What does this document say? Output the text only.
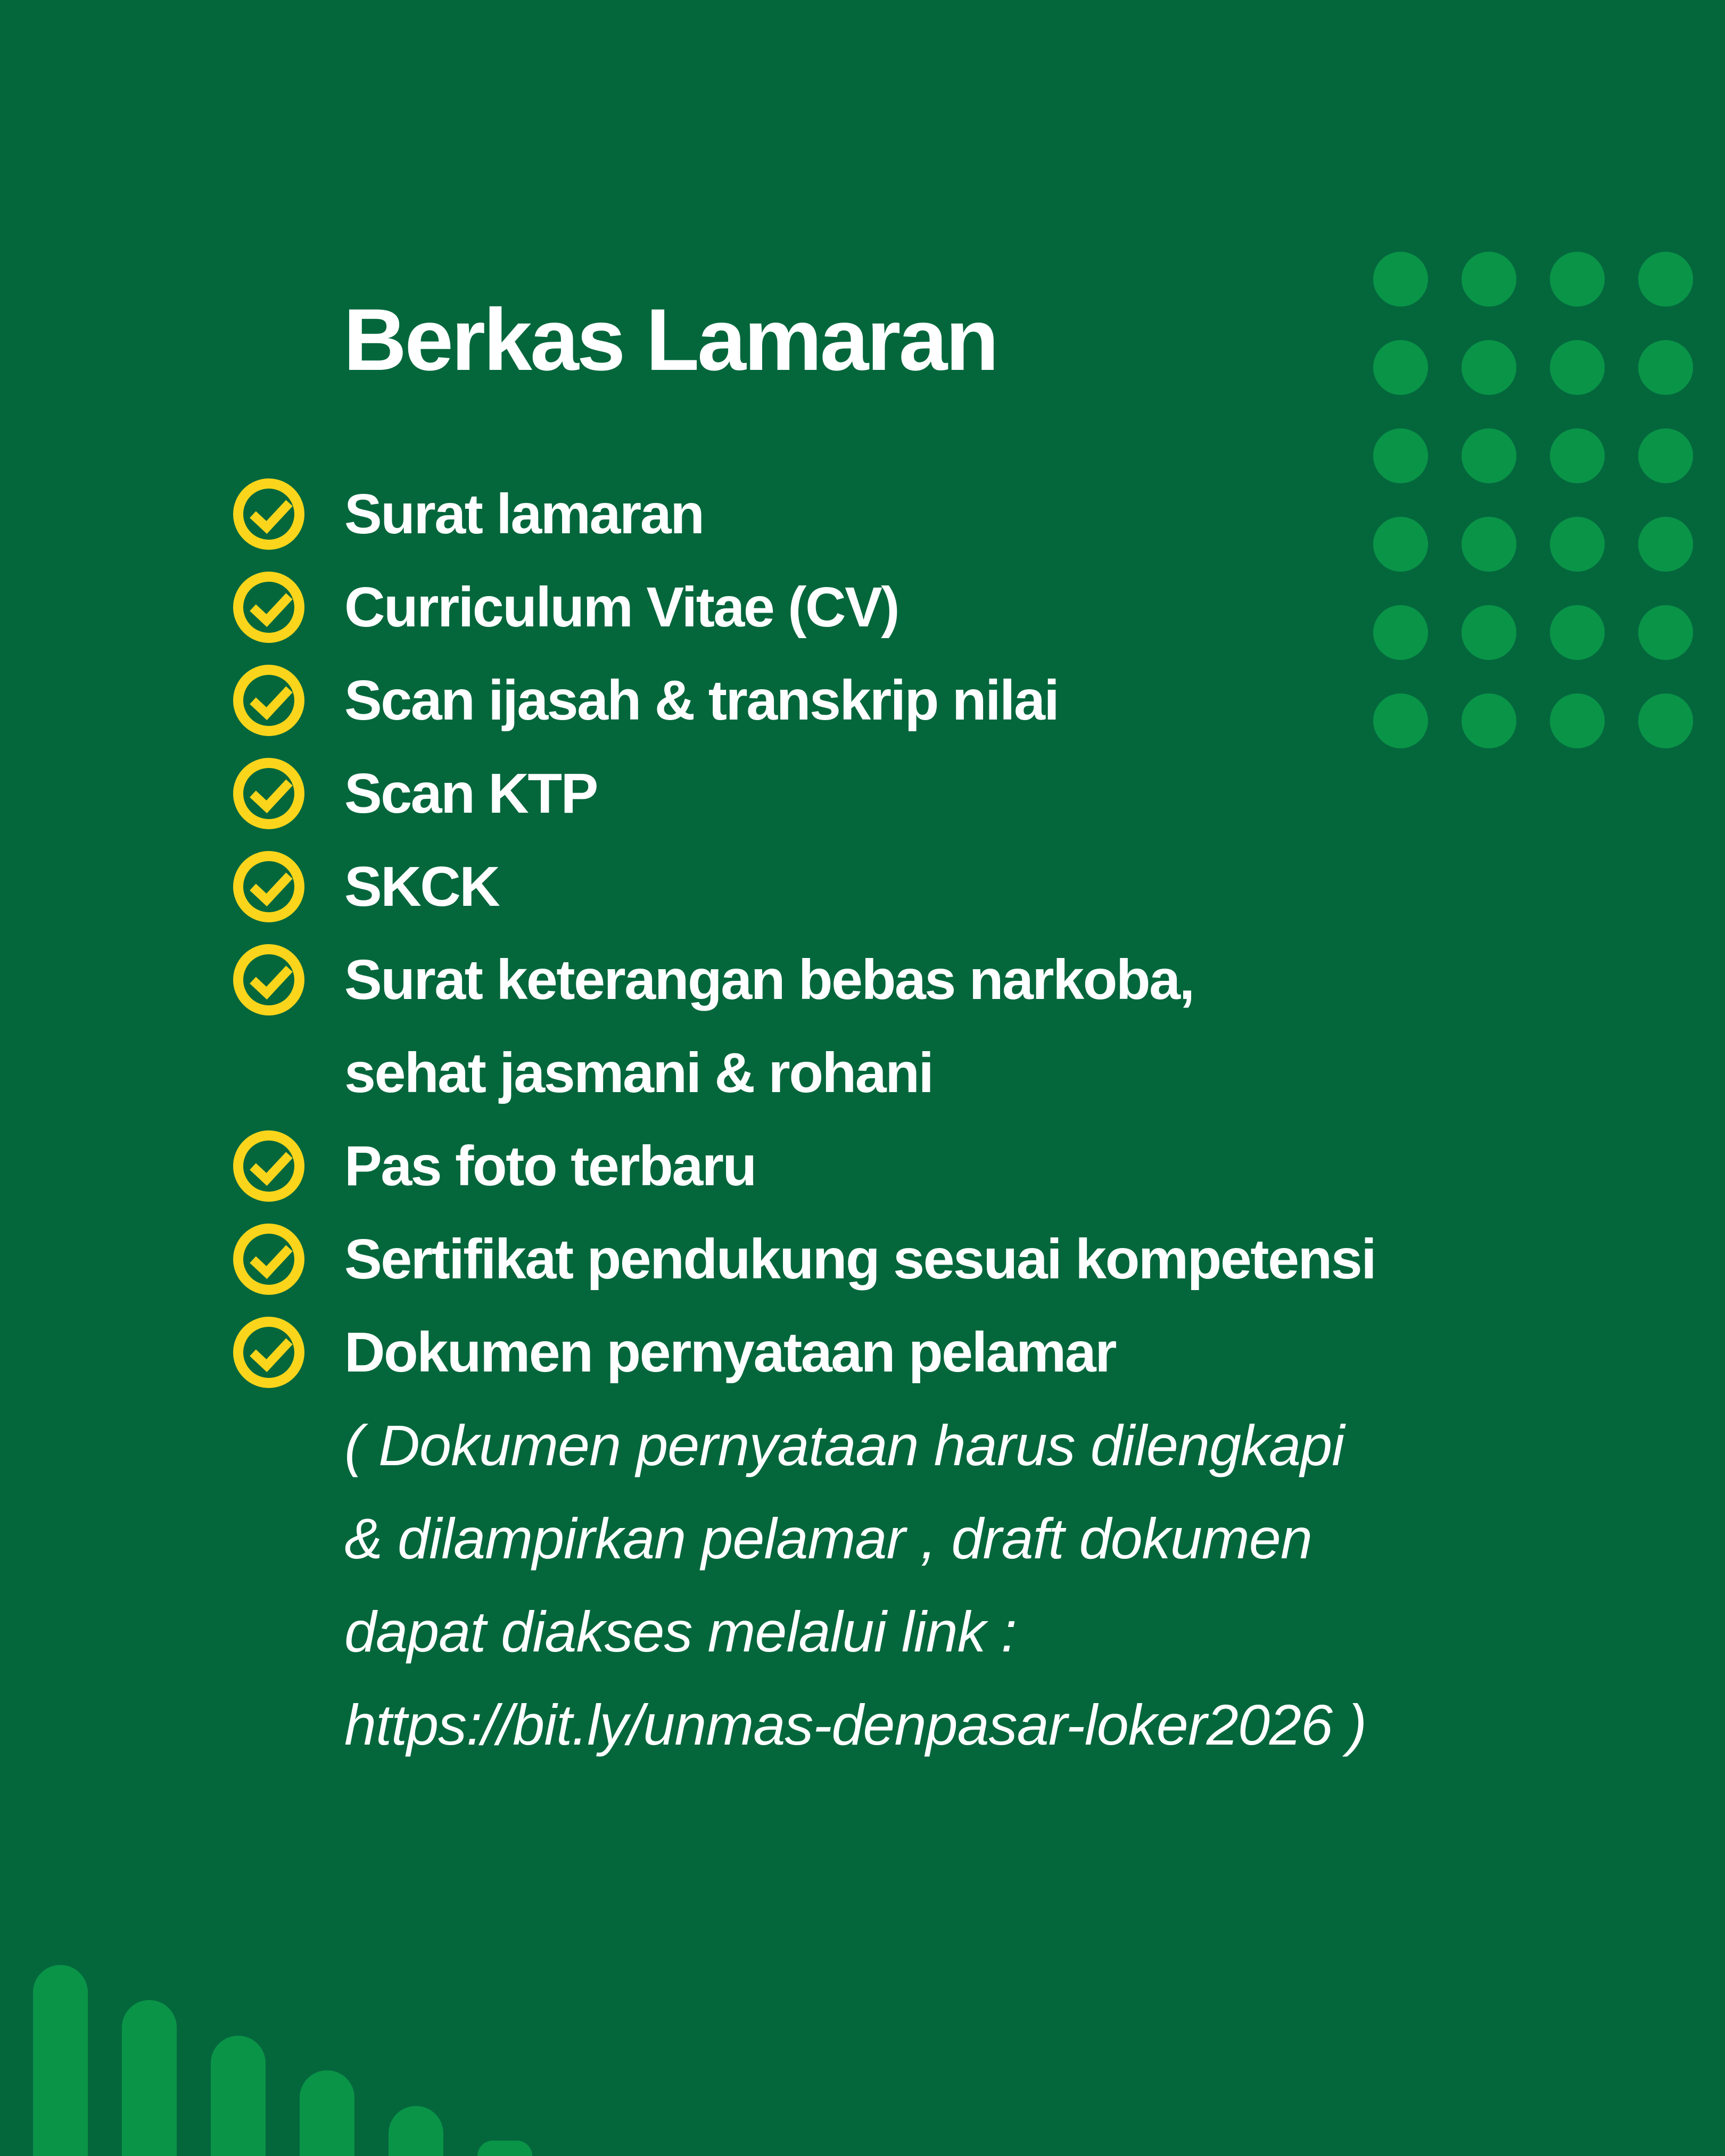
Berkas Lamaran
Surat lamaran
Curriculum Vitae (CV)
Scan ijasah & transkrip nilai
Scan KTP
SKCK
Surat keterangan bebas narkoba,
sehat jasmani & rohani
Pas foto terbaru
Sertifikat pendukung sesuai kompetensi
Dokumen pernyataan pelamar
( Dokumen pernyataan harus dilengkapi
& dilampirkan pelamar , draft dokumen
dapat diakses melalui link :
https://bit.ly/unmas-denpasar-loker2026 )
